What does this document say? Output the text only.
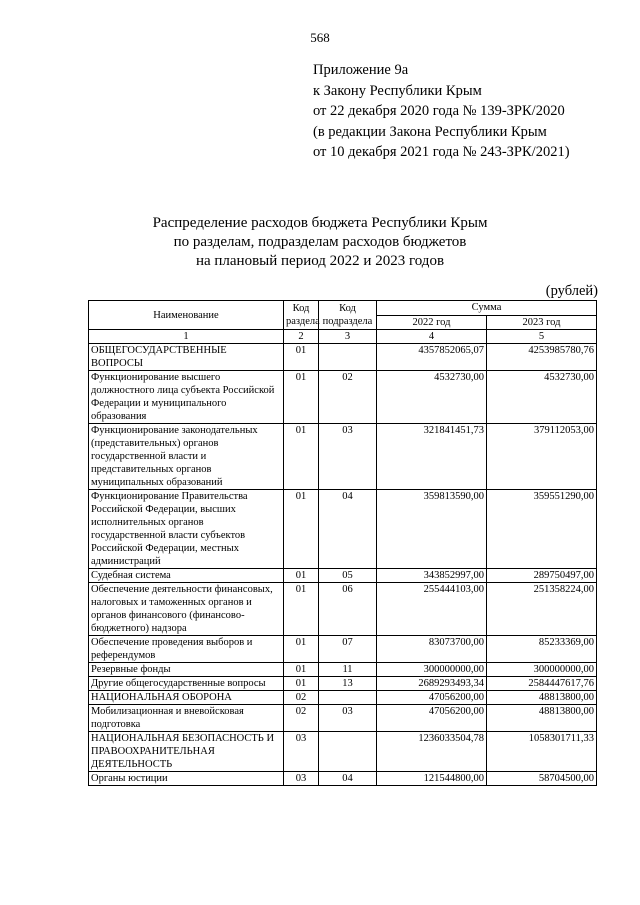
568
Приложение 9а
к Закону Республики Крым
от 22 декабря 2020 года № 139-ЗРК/2020
(в редакции Закона Республики Крым
от 10 декабря 2021 года № 243-ЗРК/2021)
Распределение расходов бюджета Республики Крым
по разделам, подразделам расходов бюджетов
на плановый период 2022 и 2023 годов
(рублей)
Наименование	Код раздела	Код подраздела	Сумма	
			2022 год	2023 год
1	2	3	4	5
ОБЩЕГОСУДАРСТВЕННЫЕ ВОПРОСЫ	01		4357852065,07	4253985780,76
Функционирование высшего должностного лица субъекта Российской Федерации и муниципального образования	01	02	4532730,00	4532730,00
Функционирование законодательных (представительных) органов государственной власти и представительных органов муниципальных образований	01	03	321841451,73	379112053,00
Функционирование Правительства Российской Федерации, высших исполнительных органов государственной власти субъектов Российской Федерации, местных администраций	01	04	359813590,00	359551290,00
Судебная система	01	05	343852997,00	289750497,00
Обеспечение деятельности финансовых, налоговых и таможенных органов и органов финансового (финансово-бюджетного) надзора	01	06	255444103,00	251358224,00
Обеспечение проведения выборов и референдумов	01	07	83073700,00	85233369,00
Резервные фонды	01	11	300000000,00	300000000,00
Другие общегосударственные вопросы	01	13	2689293493,34	2584447617,76
НАЦИОНАЛЬНАЯ ОБОРОНА	02		47056200,00	48813800,00
Мобилизационная и вневойсковая подготовка	02	03	47056200,00	48813800,00
НАЦИОНАЛЬНАЯ БЕЗОПАСНОСТЬ И ПРАВООХРАНИТЕЛЬНАЯ ДЕЯТЕЛЬНОСТЬ	03		1236033504,78	1058301711,33
Органы юстиции	03	04	121544800,00	58704500,00
